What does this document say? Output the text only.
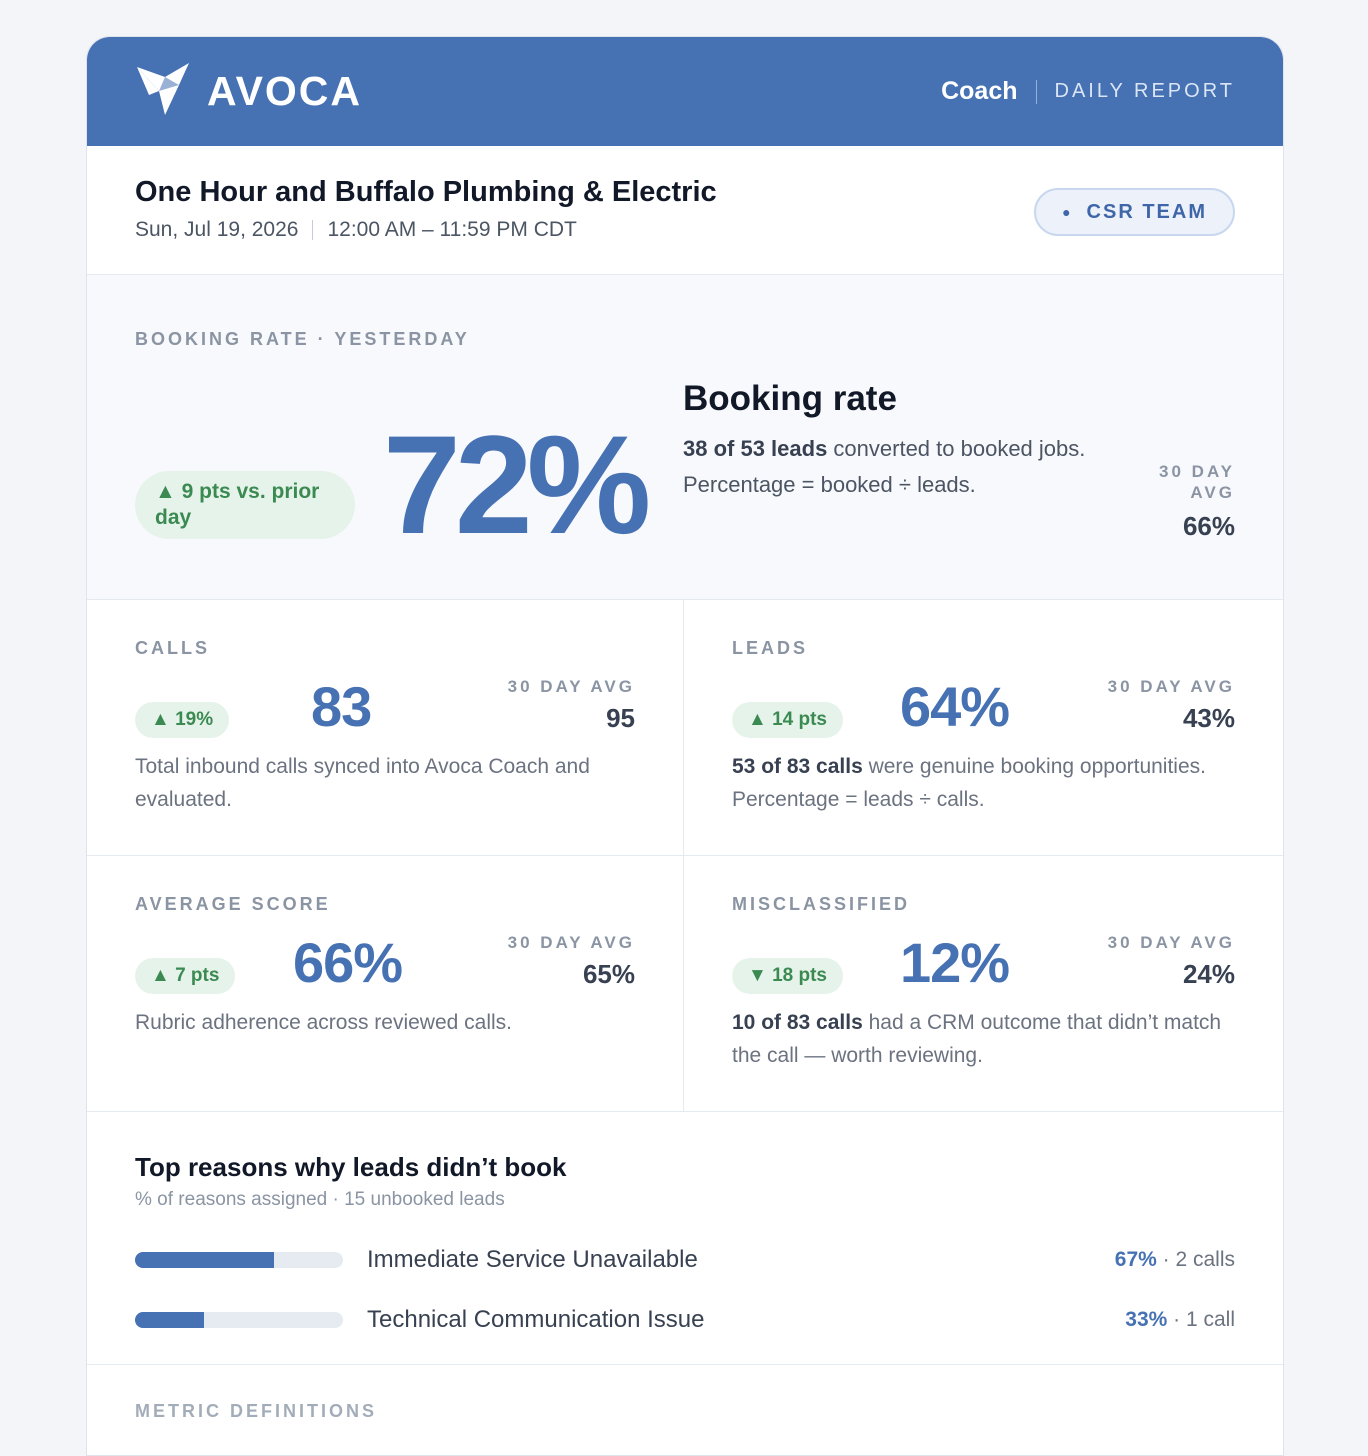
AVOCA	Coach DAILY REPORT
One Hour and Buffalo Plumbing & Electric
Sun, Jul 19, 2026 12:00 AM – 11:59 PM CDT
● CSR TEAM
BOOKING RATE · YESTERDAY
▲ 9 pts vs. prior day	72%
Booking rate
38 of 53 leads converted to booked jobs.
Percentage = booked ÷ leads.
30 DAY AVG
66%
CALLS
▲ 19% 83	30 DAY AVG
95
Total inbound calls synced into Avoca Coach and evaluated.
LEADS
▲ 14 pts 64%	30 DAY AVG
43%
53 of 83 calls were genuine booking opportunities. Percentage = leads ÷ calls.
AVERAGE SCORE
▲ 7 pts 66%	30 DAY AVG
65%
Rubric adherence across reviewed calls.
MISCLASSIFIED
▼ 18 pts 12%	30 DAY AVG
24%
10 of 83 calls had a CRM outcome that didn’t match the call — worth reviewing.
Top reasons why leads didn’t book
% of reasons assigned · 15 unbooked leads
Immediate Service Unavailable	67% · 2 calls
Technical Communication Issue	33% · 1 call
METRIC DEFINITIONS
